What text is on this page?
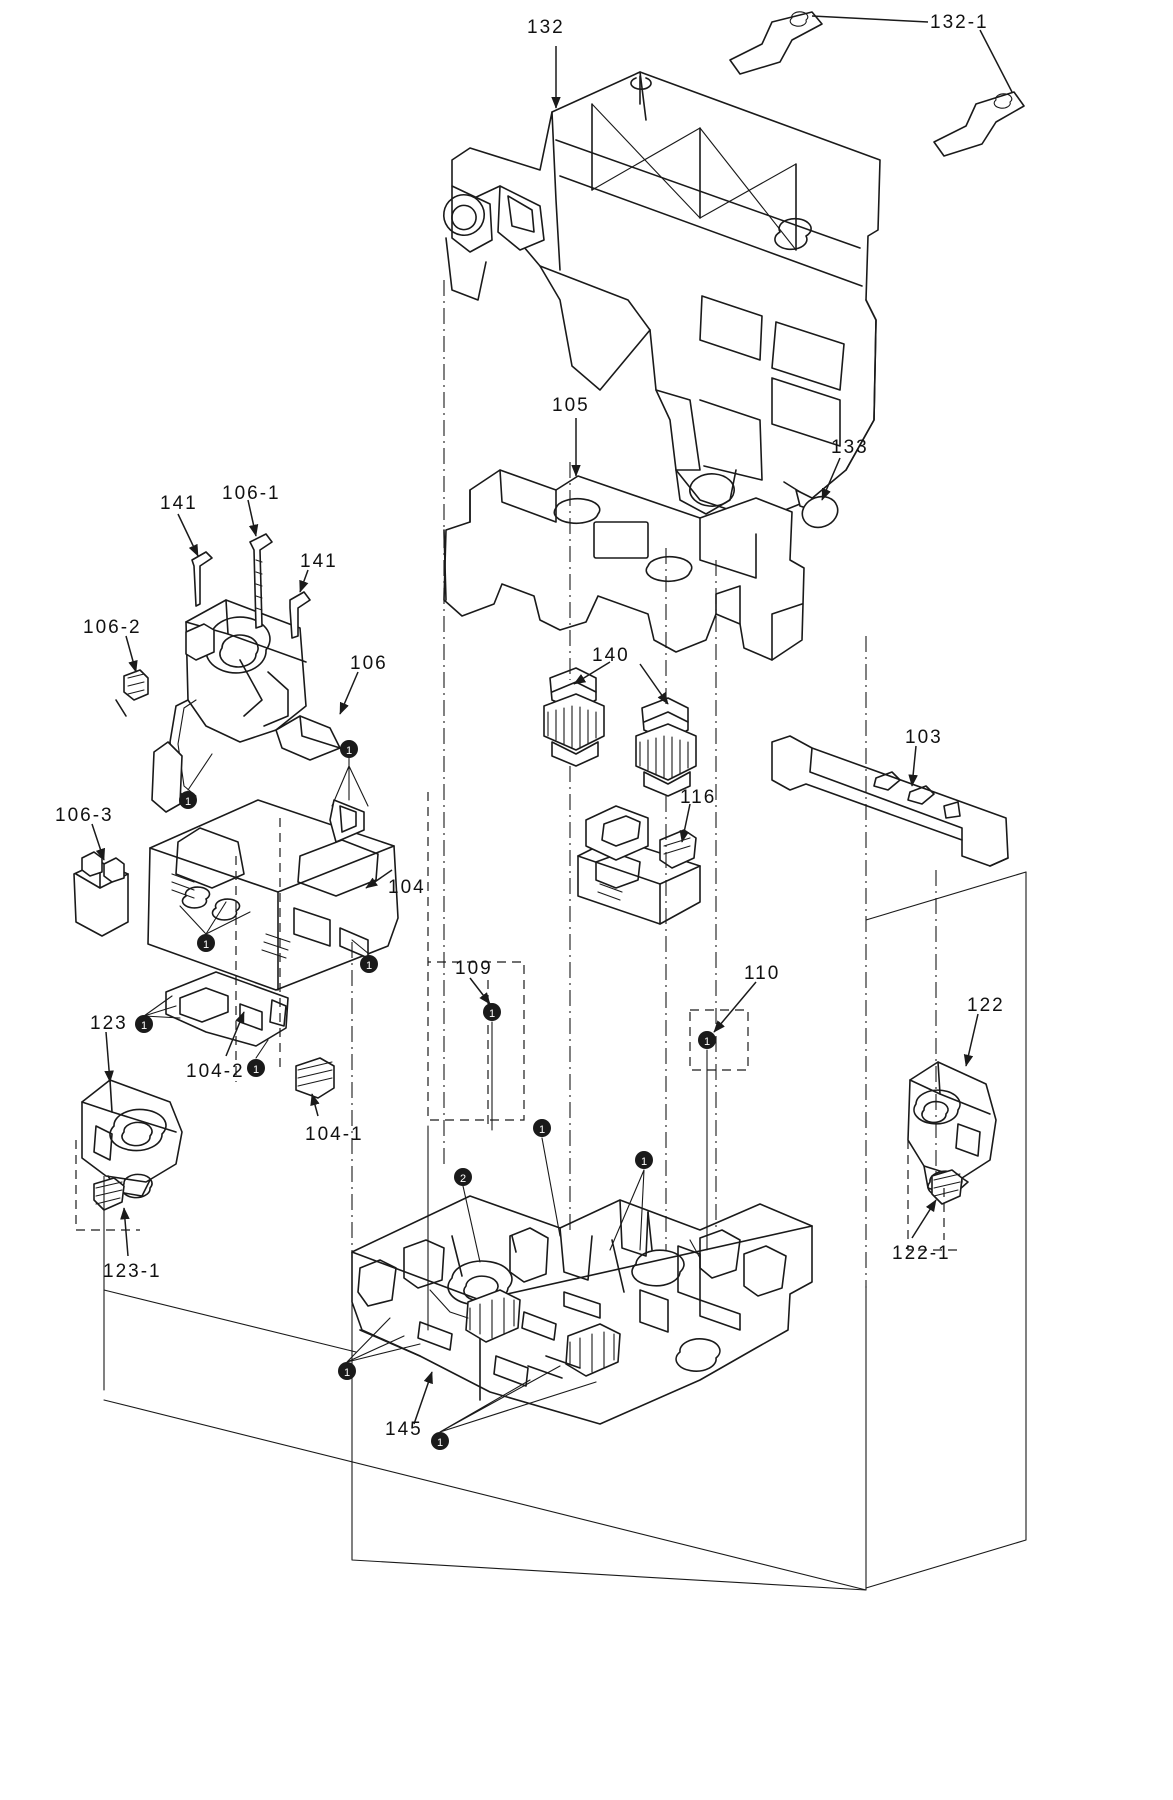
1
1
1
1
1
1
1
1
1
1
2
1
1
132	132-1
105
133
141 106-1
141
106-2
106	140
103
116
106-3
104
109	110
122
123
104-2
104-1
122-1
123-1
145
